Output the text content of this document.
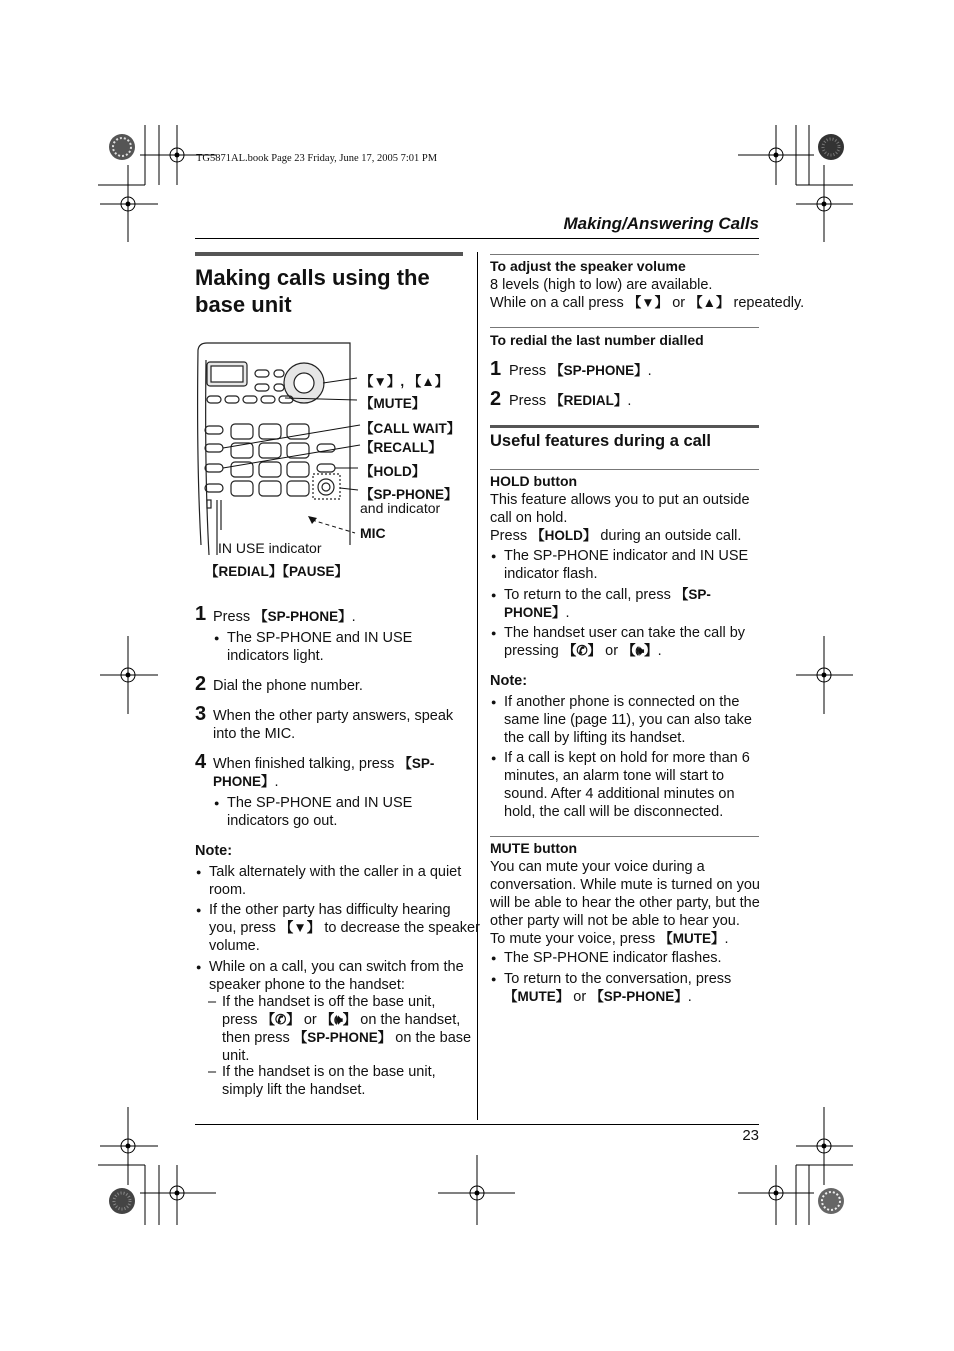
TG5871AL.book Page 23 Friday, June 17, 2005 7:01 PM
Making/Answering Calls
23
Making calls using the
base unit
【▼】, 【▲】
【MUTE】
【CALL WAIT】
【RECALL】
【HOLD】
【SP-PHONE】
and indicator
MIC
IN USE indicator
【REDIAL】【PAUSE】
1 Press 【SP-PHONE】.
● The SP-PHONE and IN USE
indicators light.
2 Dial the phone number.
3 When the other party answers, speak
into the MIC.
4 When finished talking, press 【SP-
PHONE】.
● The SP-PHONE and IN USE
indicators go out.
Note:
● Talk alternately with the caller in a quiet
room.
● If the other party has difficulty hearing
you, press 【▼】 to decrease the speaker
volume.
● While on a call, you can switch from the
speaker phone to the handset:
– If the handset is off the base unit,
press 【✆】 or 【🕪】 on the handset,
then press 【SP-PHONE】 on the base
unit.
– If the handset is on the base unit,
simply lift the handset.
To adjust the speaker volume
8 levels (high to low) are available.
While on a call press 【▼】 or 【▲】 repeatedly.
To redial the last number dialled
1 Press 【SP-PHONE】.
2 Press 【REDIAL】.
Useful features during a call
HOLD button
This feature allows you to put an outside
call on hold.
Press 【HOLD】 during an outside call.
● The SP-PHONE indicator and IN USE
indicator flash.
● To return to the call, press 【SP-
PHONE】.
● The handset user can take the call by
pressing 【✆】 or 【🕪】.
Note:
● If another phone is connected on the
same line (page 11), you can also take
the call by lifting its handset.
● If a call is kept on hold for more than 6
minutes, an alarm tone will start to
sound. After 4 additional minutes on
hold, the call will be disconnected.
MUTE button
You can mute your voice during a
conversation. While mute is turned on you
will be able to hear the other party, but the
other party will not be able to hear you.
To mute your voice, press 【MUTE】.
● The SP-PHONE indicator flashes.
● To return to the conversation, press
【MUTE】 or 【SP-PHONE】.
